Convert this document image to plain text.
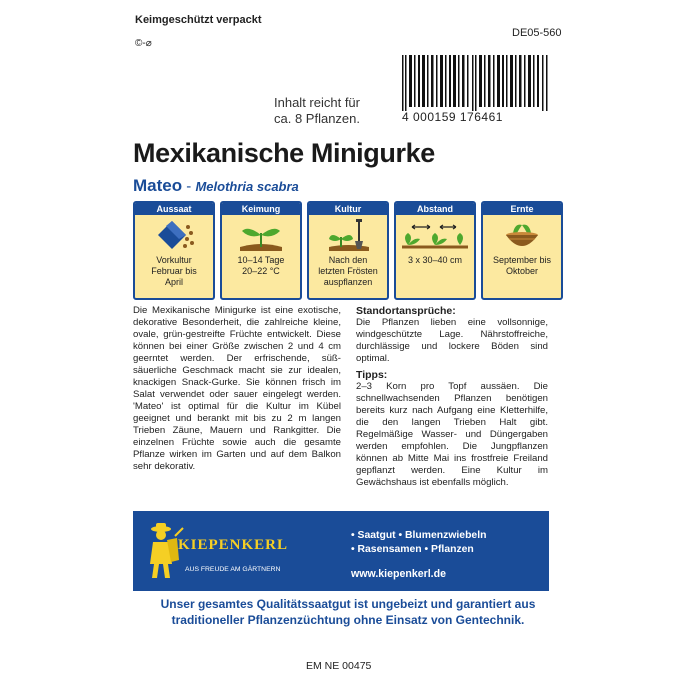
Keimgeschützt verpackt
©-⌀
DE05-560
Inhalt reicht für
ca. 8 Pflanzen.	4 000159 176461
Mexikanische Minigurke
Mateo - Melothria scabra
Aussaat
Vorkultur
Februar bis
April
Keimung
10–14 Tage
20–22 °C
Kultur
Nach den
letzten Frösten
auspflanzen
Abstand
3 x 30–40 cm
Ernte
September bis
Oktober
Die Mexikanische Minigurke ist eine exotische, dekorative Besonderheit, die zahlreiche kleine, ovale, grün-gestreifte Früchte entwickelt. Diese können bei einer Größe zwischen 2 und 4 cm geerntet werden. Der erfrischende, süß-säuerliche Geschmack macht sie zur idealen, knackigen Snack-Gurke. Sie können frisch im Salat verwendet oder sauer eingelegt werden. 'Mateo' ist optimal für die Kultur im Kübel geeignet und berankt mit bis zu 2 m langen Trieben Zäune, Mauern und Rankgitter. Die einzelnen Früchte sowie auch die gesamte Pflanze wirken im Garten und auf dem Balkon sehr dekorativ.
Standortansprüche:

Die Pflanzen lieben eine vollsonnige, windgeschützte Lage. Nährstoffreiche, durchlässige und lockere Böden sind optimal.

Tipps:

2–3 Korn pro Topf aussäen. Die schnellwachsenden Pflanzen benötigen bereits kurz nach Aufgang eine Kletterhilfe, die den langen Trieben Halt gibt. Regelmäßige Wasser- und Düngergaben werden empfohlen. Die Jungpflanzen können ab Mitte Mai ins frostfreie Freiland gepflanzt werden. Eine Kultur im Gewächshaus ist ebenfalls möglich.

KIEPENKERL
AUS FREUDE AM GÄRTNERN
• Saatgut • Blumenzwiebeln
• Rasensamen • Pflanzen
www.kiepenkerl.de
Unser gesamtes Qualitätssaatgut ist ungebeizt und garantiert aus
traditioneller Pflanzenzüchtung ohne Einsatz von Gentechnik.
EM NE 00475
